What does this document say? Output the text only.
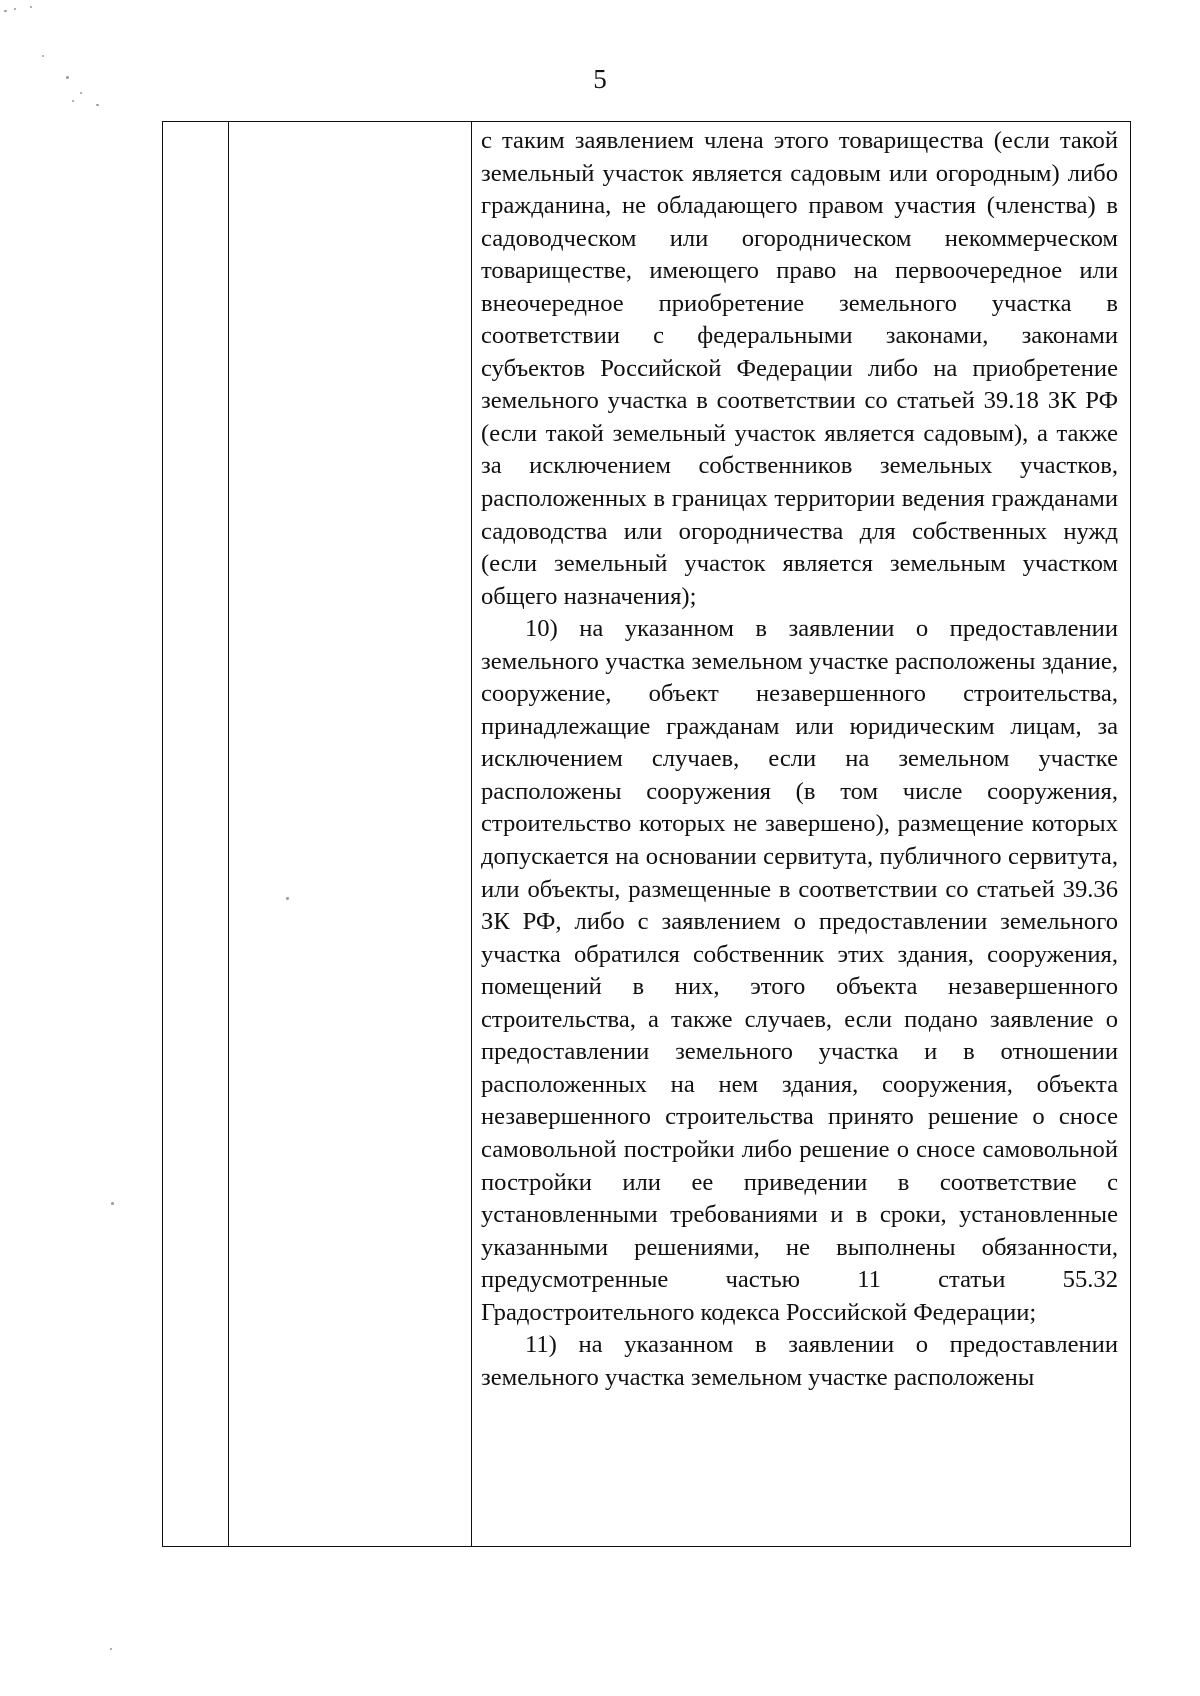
5

с таким заявлением члена этого товарищества (если такой земельный участок является садовым или огородным) либо гражданина, не обладающего правом участия (членства) в садоводческом или огородническом некоммерческом товариществе, имеющего право на первоочередное или внеочередное приобретение земельного участка в соответствии с федеральными законами, законами субъектов Российской Федерации либо на приобретение земельного участка в соответствии со статьей 39.18 ЗК РФ (если такой земельный участок является садовым), а также за исключением собственников земельных участков, расположенных в границах территории ведения гражданами садоводства или огородничества для собственных нужд (если земельный участок является земельным участком общего назначения);

10) на указанном в заявлении о предоставлении земельного участка земельном участке расположены здание, сооружение, объект незавершенного строительства, принадлежащие гражданам или юридическим лицам, за исключением случаев, если на земельном участке расположены сооружения (в том числе сооружения, строительство которых не завершено), размещение которых допускается на основании сервитута, публичного сервитута, или объекты, размещенные в соответствии со статьей 39.36 ЗК РФ, либо с заявлением о предоставлении земельного участка обратился собственник этих здания, сооружения, помещений в них, этого объекта незавершенного строительства, а также случаев, если подано заявление о предоставлении земельного участка и в отношении расположенных на нем здания, сооружения, объекта незавершенного строительства принято решение о сносе самовольной постройки либо решение о сносе самовольной постройки или ее приведении в соответствие с установленными требованиями и в сроки, установленные указанными решениями, не выполнены обязанности, предусмотренные частью 11 статьи 55.32 Градостроительного кодекса Российской Федерации;

11) на указанном в заявлении о предоставлении земельного участка земельном участке расположены
